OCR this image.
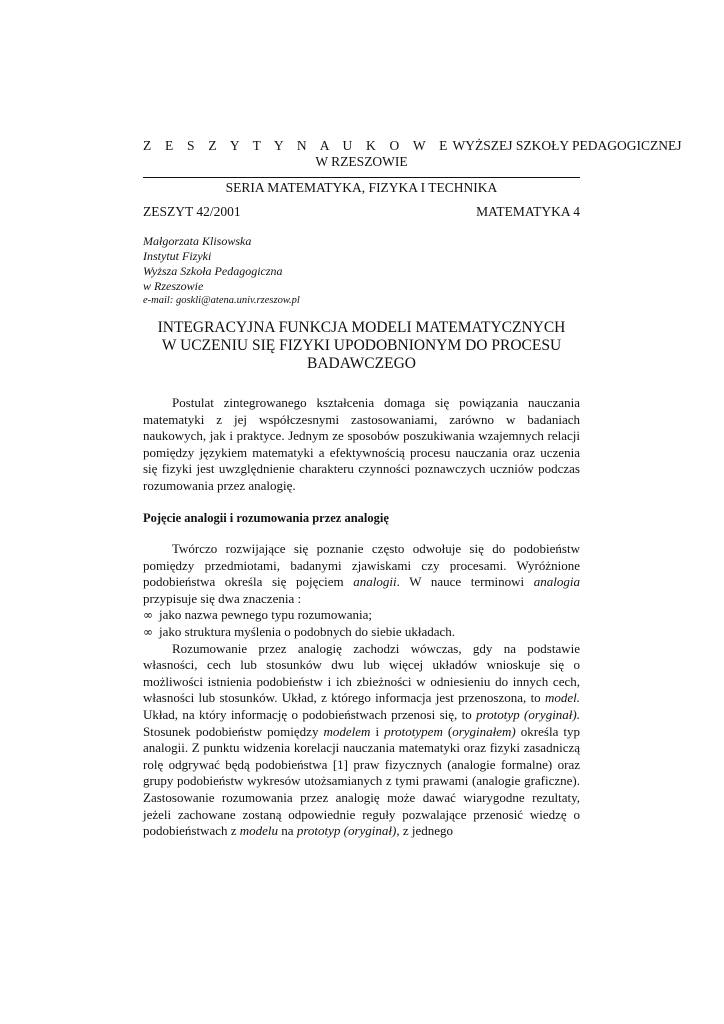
Z E S Z Y T Y N A U K O W E WYŻSZEJ SZKOŁY PEDAGOGICZNEJ
W RZESZOWIE
SERIA MATEMATYKA, FIZYKA I TECHNIKA
ZESZYT 42/2001	MATEMATYKA 4
Małgorzata Klisowska
Instytut Fizyki
Wyższa Szkoła Pedagogiczna
w Rzeszowie
e-mail: goskli@atena.univ.rzeszow.pl
INTEGRACYJNA FUNKCJA MODELI MATEMATYCZNYCH
W UCZENIU SIĘ FIZYKI UPODOBNIONYM DO PROCESU
BADAWCZEGO

Postulat zintegrowanego kształcenia domaga się powiązania nauczania matematyki z jej współczesnymi zastosowaniami, zarówno w badaniach naukowych, jak i praktyce. Jednym ze sposobów poszukiwania wzajemnych relacji pomiędzy językiem matematyki a efektywnością procesu nauczania oraz uczenia się fizyki jest uwzględnienie charakteru czynności poznawczych uczniów podczas rozumowania przez analogię.

Pojęcie analogii i rozumowania przez analogię

Twórczo rozwijające się poznanie często odwołuje się do podobieństw pomiędzy przedmiotami, badanymi zjawiskami czy procesami. Wyróżnione podobieństwa określa się pojęciem analogii. W nauce terminowi analogia przypisuje się dwa znaczenia :

∞ jako nazwa pewnego typu rozumowania;
∞ jako struktura myślenia o podobnych do siebie układach.

Rozumowanie przez analogię zachodzi wówczas, gdy na podstawie własności, cech lub stosunków dwu lub więcej układów wnioskuje się o możliwości istnienia podobieństw i ich zbieżności w odniesieniu do innych cech, własności lub stosunków. Układ, z którego informacja jest przenoszona, to model. Układ, na który informację o podobieństwach przenosi się, to prototyp (oryginał). Stosunek podobieństw pomiędzy modelem i prototypem (oryginałem) określa typ analogii. Z punktu widzenia korelacji nauczania matematyki oraz fizyki zasadniczą rolę odgrywać będą podobieństwa [1] praw fizycznych (analogie formalne) oraz grupy podobieństw wykresów utożsamianych z tymi prawami (analogie graficzne). Zastosowanie rozumowania przez analogię może dawać wiarygodne rezultaty, jeżeli zachowane zostaną odpowiednie reguły pozwalające przenosić wiedzę o podobieństwach z modelu na prototyp (oryginał), z jednego
